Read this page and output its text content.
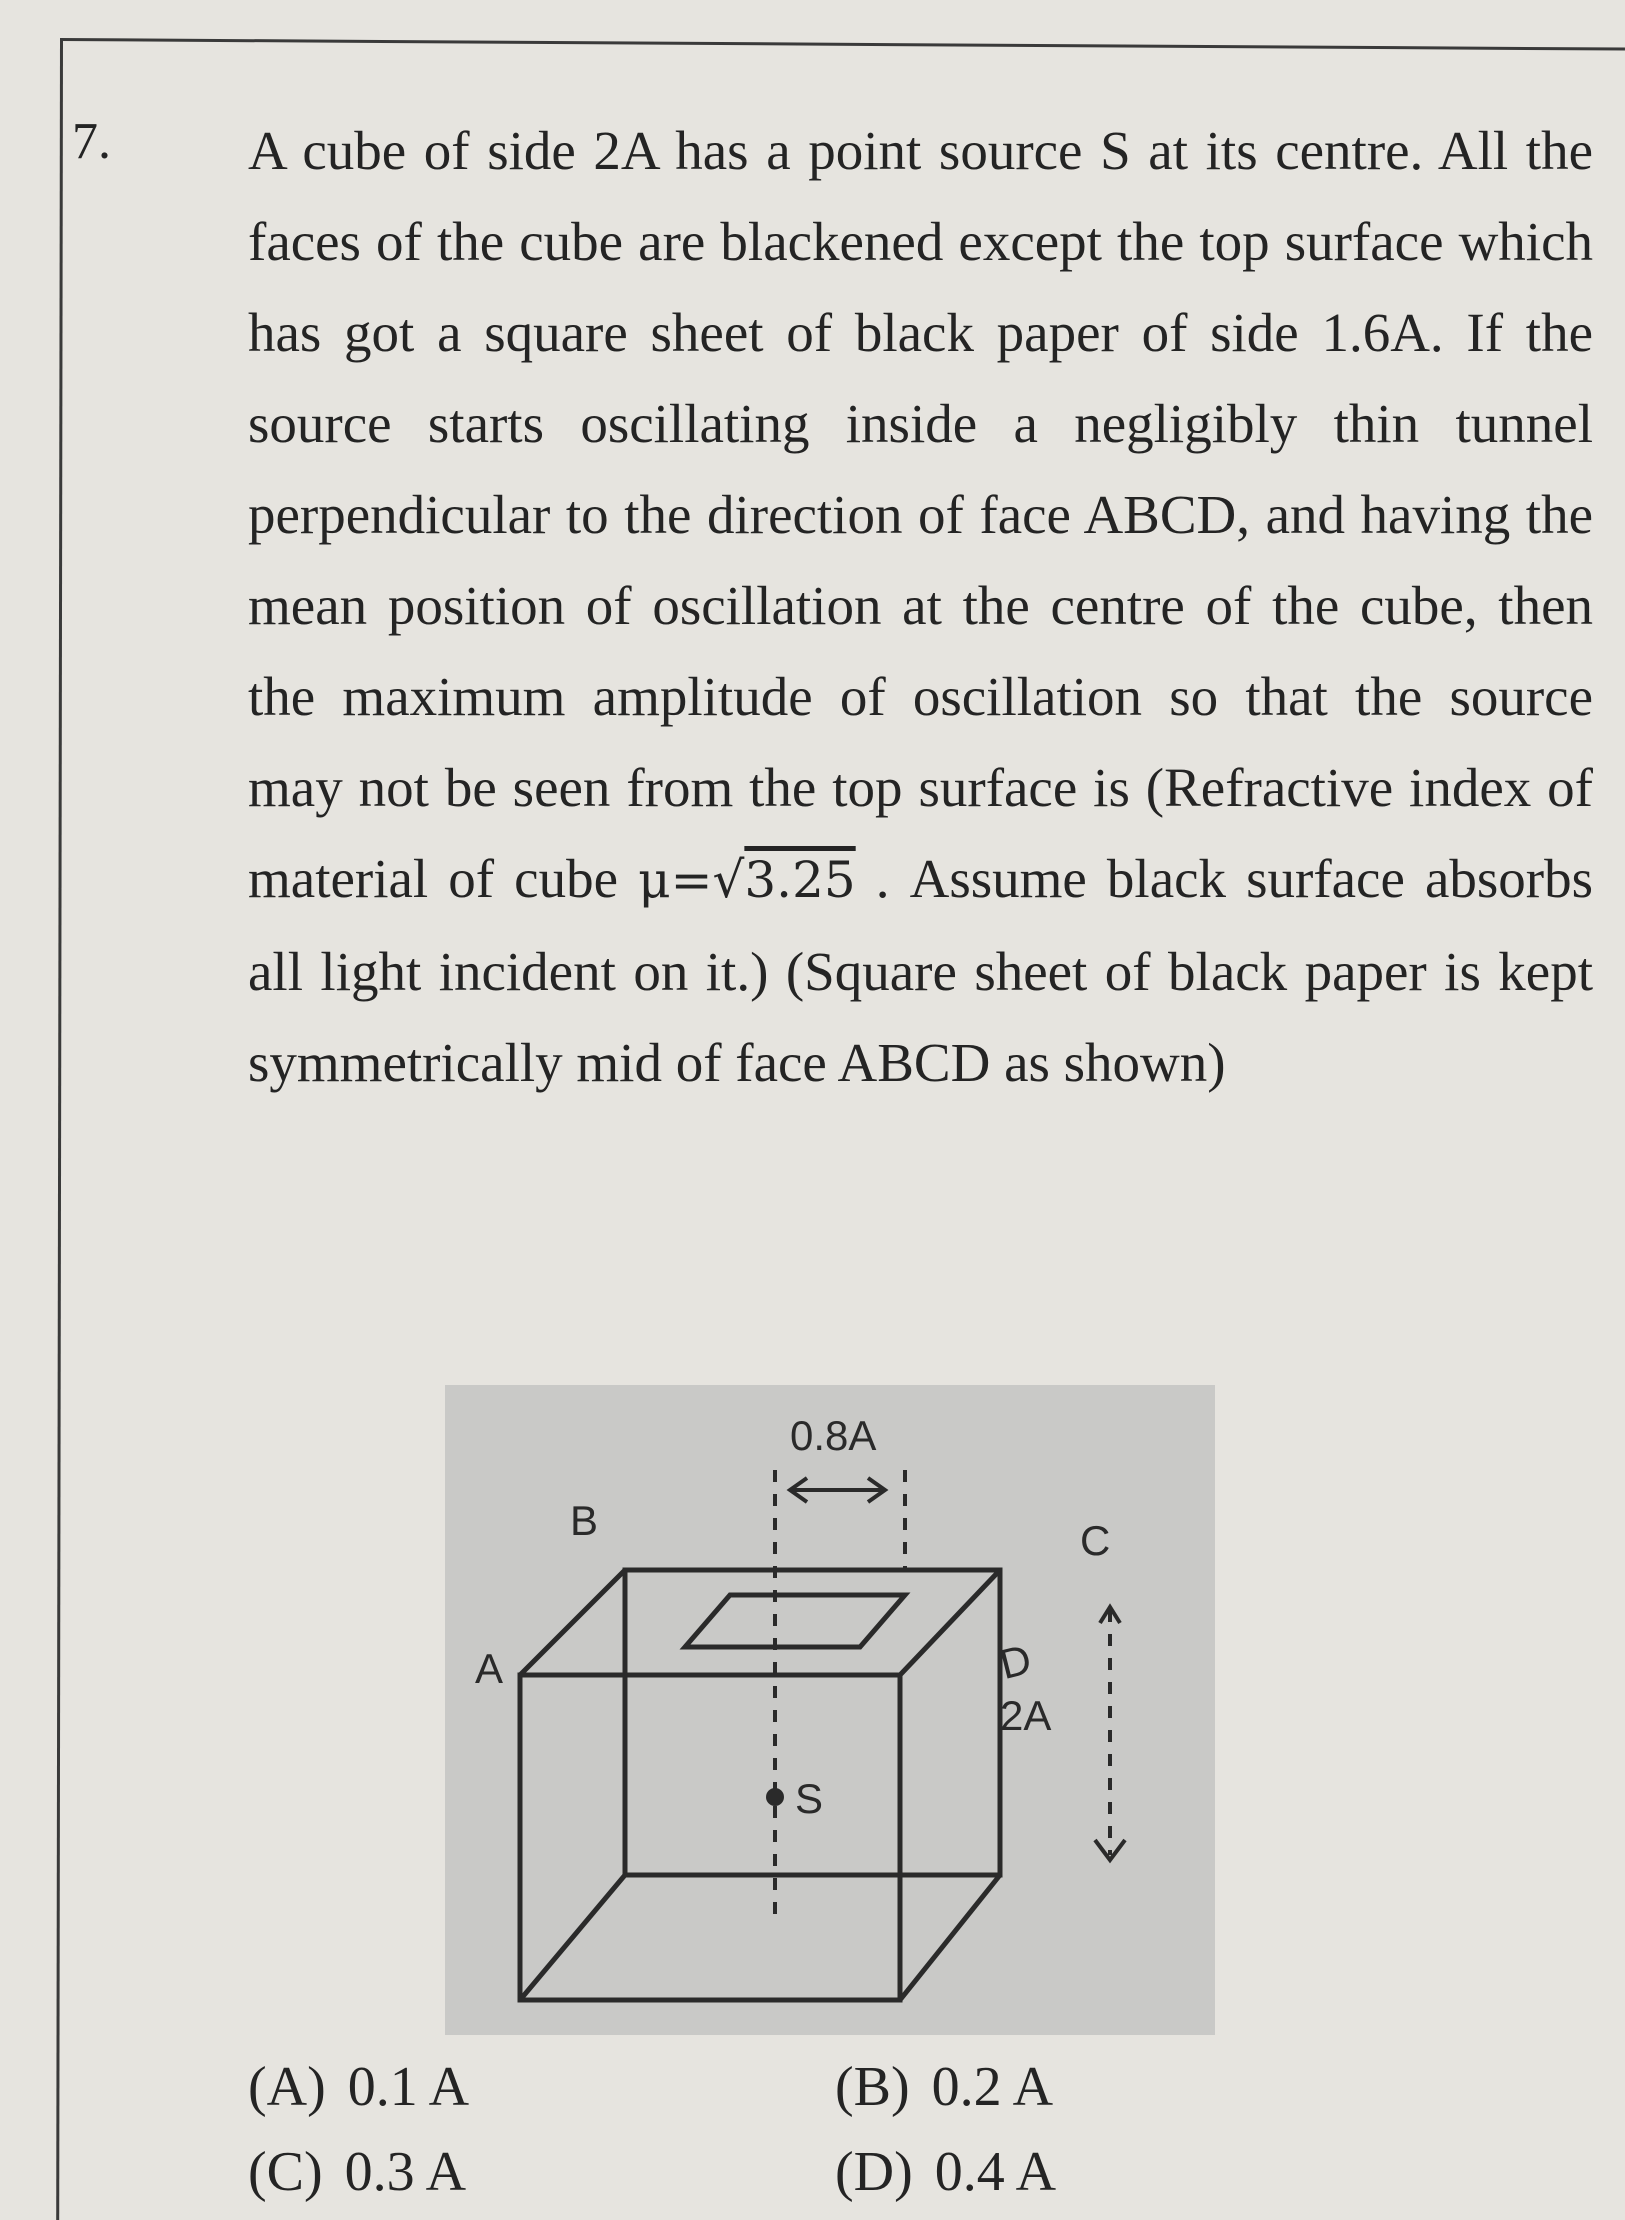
7. A cube of side 2A has a point source S at its centre. All the faces of the cube are blackened except the top surface which has got a square sheet of black paper of side 1.6A. If the source starts oscillating inside a negligibly thin tunnel perpendicular to the direction of face ABCD, and having the mean position of oscillation at the centre of the cube, then the maximum amplitude of oscillation so that the source may not be seen from the top surface is (Refractive index of material of cube μ=√3.25 . Assume black surface absorbs all light incident on it.) (Square sheet of black paper is kept symmetrically mid of face ABCD as shown)

0.8A
B	C
A
2A
S
D
(A) 0.1 A	(B) 0.2 A
(C) 0.3 A	(D) 0.4 A
